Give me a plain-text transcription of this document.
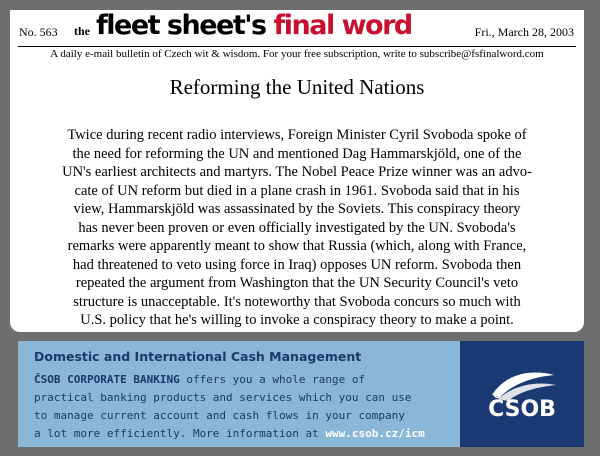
No. 563 the fleet sheet's final word	Fri., March 28, 2003
A daily e-mail bulletin of Czech wit & wisdom. For your free subscription, write to subscribe@fsfinalword.com
Reforming the United Nations
Twice during recent radio interviews, Foreign Minister Cyril Svoboda spoke of
the need for reforming the UN and mentioned Dag Hammarskjöld, one of the
UN's earliest architects and martyrs. The Nobel Peace Prize winner was an advo-
cate of UN reform but died in a plane crash in 1961. Svoboda said that in his
view, Hammarskjöld was assassinated by the Soviets. This conspiracy theory
has never been proven or even officially investigated by the UN. Svoboda's
remarks were apparently meant to show that Russia (which, along with France,
had threatened to veto using force in Iraq) opposes UN reform. Svoboda then
repeated the argument from Washington that the UN Security Council's veto
structure is unacceptable. It's noteworthy that Svoboda concurs so much with
U.S. policy that he's willing to invoke a conspiracy theory to make a point.
Domestic and International Cash Management
ČSOB CORPORATE BANKING offers you a whole range of
practical banking products and services which you can use
to manage current account and cash flows in your company
a lot more efficiently. More information at www.csob.cz/icm
ČSOB
